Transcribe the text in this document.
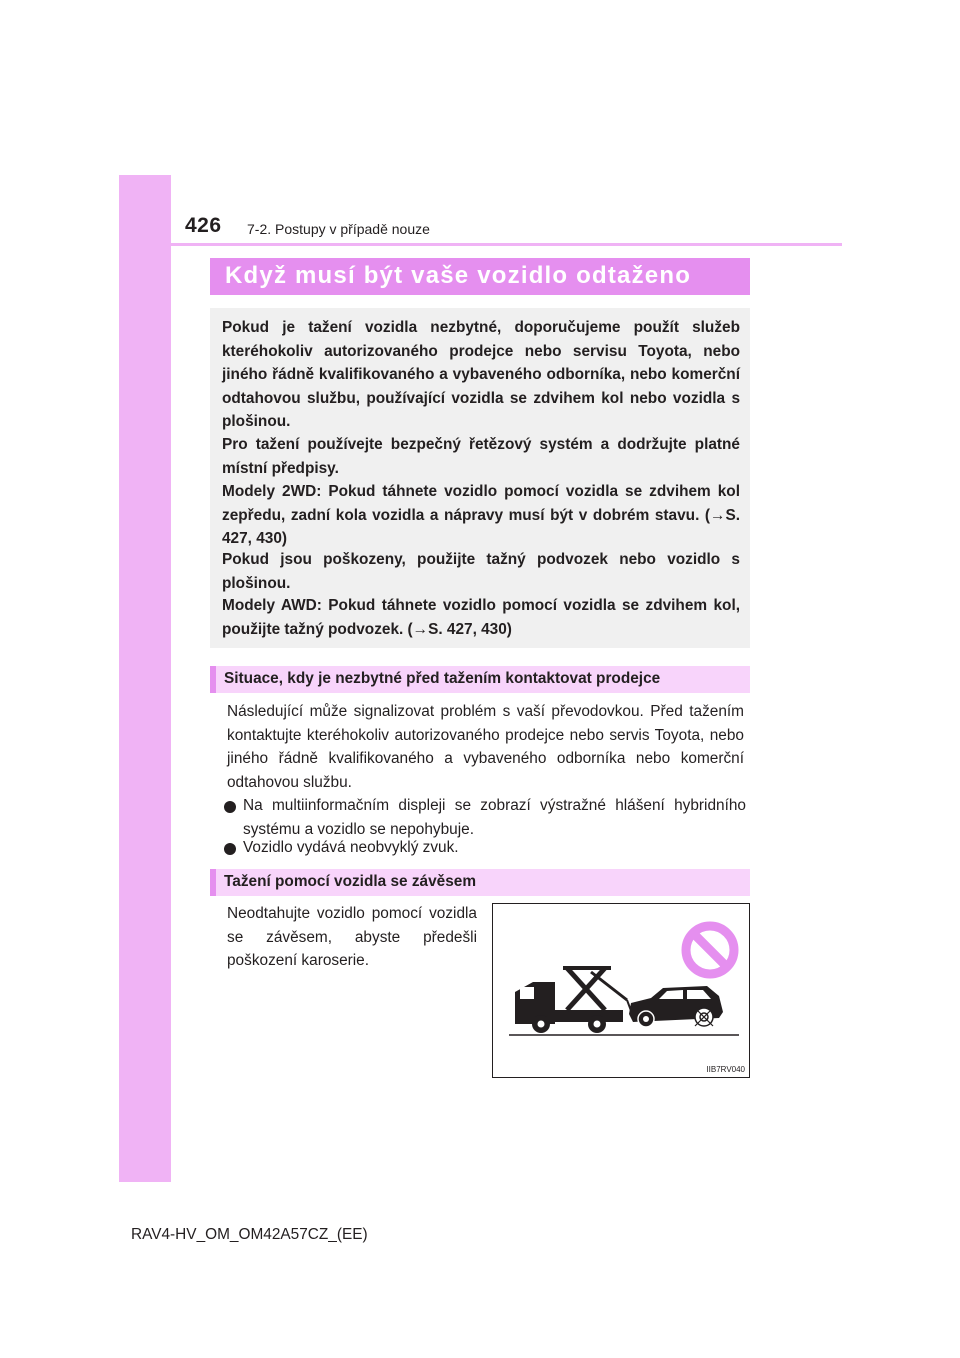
426 7-2. Postupy v případě nouze
Když musí být vaše vozidlo odtaženo
Pokud je tažení vozidla nezbytné, doporučujeme použít služeb kteréhokoliv autorizovaného prodejce nebo servisu Toyota, nebo jiného řádně kvalifikovaného a vybaveného odborníka, nebo komerční odtahovou službu, používající vozidla se zdvihem kol nebo vozidla s plošinou.
Pro tažení používejte bezpečný řetězový systém a dodržujte platné místní předpisy.
Modely 2WD: Pokud táhnete vozidlo pomocí vozidla se zdvihem kol zepředu, zadní kola vozidla a nápravy musí být v dobrém stavu. (→S. 427, 430)
Pokud jsou poškozeny, použijte tažný podvozek nebo vozidlo s plošinou.
Modely AWD: Pokud táhnete vozidlo pomocí vozidla se zdvihem kol, použijte tažný podvozek. (→S. 427, 430)
Situace, kdy je nezbytné před tažením kontaktovat prodejce
Následující může signalizovat problém s vaší převodovkou. Před tažením kontaktujte kteréhokoliv autorizovaného prodejce nebo servis Toyota, nebo jiného řádně kvalifikovaného a vybaveného odborníka nebo komerční odtahovou službu.
Na multiinformačním displeji se zobrazí výstražné hlášení hybridního systému a vozidlo se nepohybuje.
Vozidlo vydává neobvyklý zvuk.
Tažení pomocí vozidla se závěsem
Neodtahujte vozidlo pomocí vozidla se závěsem, abyste předešli poškození karoserie.
IIB7RV040
RAV4-HV_OM_OM42A57CZ_(EE)
